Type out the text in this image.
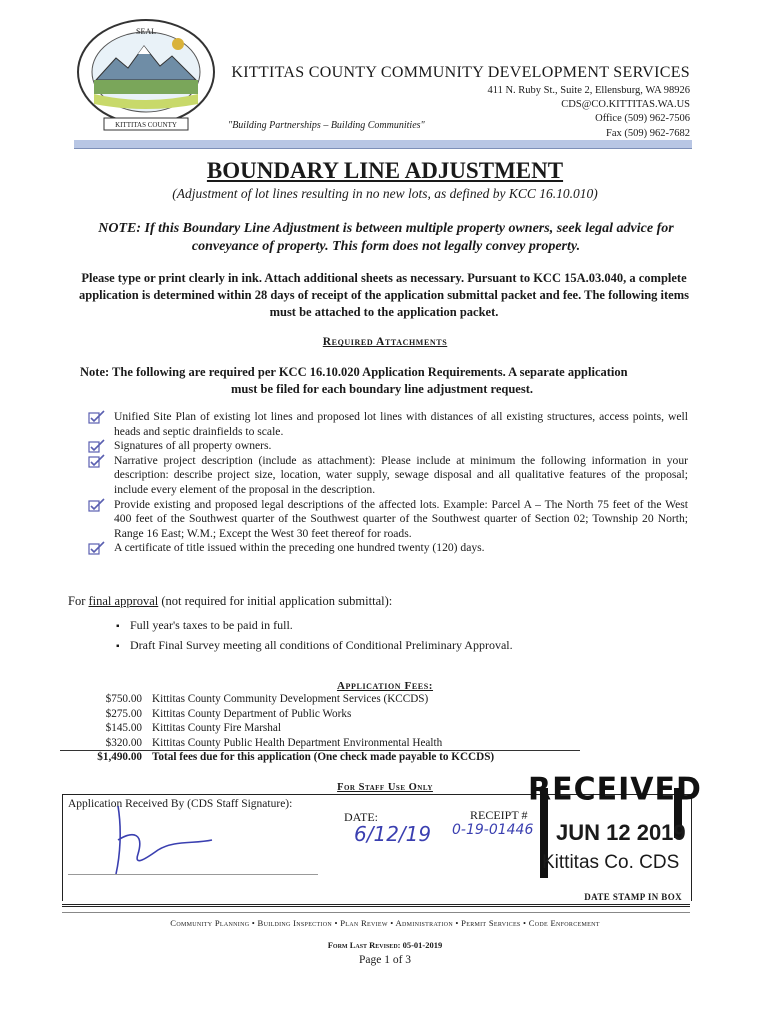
SEAL
KITTITAS COUNTY
KITTITAS COUNTY COMMUNITY DEVELOPMENT SERVICES
411 N. Ruby St., Suite 2, Ellensburg, WA 98926
CDS@CO.KITTITAS.WA.US
Office (509) 962-7506
Fax (509) 962-7682
"Building Partnerships – Building Communities"
BOUNDARY LINE ADJUSTMENT
(Adjustment of lot lines resulting in no new lots, as defined by KCC 16.10.010)
NOTE: If this Boundary Line Adjustment is between multiple property owners, seek legal advice for conveyance of property. This form does not legally convey property.
Please type or print clearly in ink. Attach additional sheets as necessary. Pursuant to KCC 15A.03.040, a complete application is determined within 28 days of receipt of the application submittal packet and fee. The following items must be attached to the application packet.
Required Attachments
Note: The following are required per KCC 16.10.020 Application Requirements. A separate application
must be filed for each boundary line adjustment request.
Unified Site Plan of existing lot lines and proposed lot lines with distances of all existing structures, access points, well heads and septic drainfields to scale.
Signatures of all property owners.
Narrative project description (include as attachment): Please include at minimum the following information in your description: describe project size, location, water supply, sewage disposal and all qualitative features of the proposal; include every element of the proposal in the description.
Provide existing and proposed legal descriptions of the affected lots. Example: Parcel A – The North 75 feet of the West 400 feet of the Southwest quarter of the Southwest quarter of the Southwest quarter of Section 02; Township 20 North; Range 16 East; W.M.; Except the West 30 feet thereof for roads.
A certificate of title issued within the preceding one hundred twenty (120) days.
For final approval (not required for initial application submittal):
▪ Full year's taxes to be paid in full.
▪ Draft Final Survey meeting all conditions of Conditional Preliminary Approval.
Application Fees:
$750.00 Kittitas County Community Development Services (KCCDS)
$275.00 Kittitas County Department of Public Works
$145.00 Kittitas County Fire Marshal
$320.00 Kittitas County Public Health Department Environmental Health
$1,490.00 Total fees due for this application (One check made payable to KCCDS)
For Staff Use Only
Application Received By (CDS Staff Signature):
DATE:
6/12/19
RECEIPT #
0-19-01446
RECEIVED
JUN 12 2019
Kittitas Co. CDS
DATE STAMP IN BOX
Community Planning • Building Inspection • Plan Review • Administration • Permit Services • Code Enforcement
Form Last Revised: 05-01-2019
Page 1 of 3
